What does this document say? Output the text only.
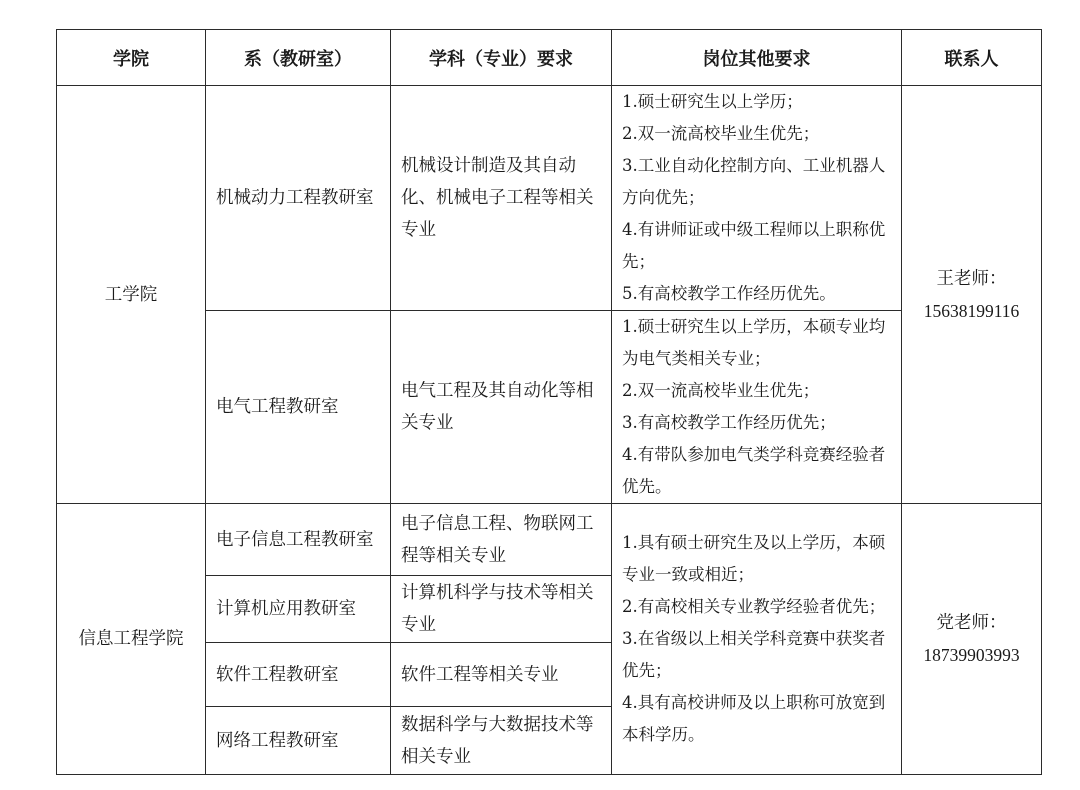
学院	系（教研室）	学科（专业）要求	岗位其他要求	联系人
工学院	机械动力工程教研室	机械设计制造及其自动化、机械电子工程等相关专业	1.硕士研究生以上学历；
2.双一流高校毕业生优先；
3.工业自动化控制方向、工业机器人方向优先；
4.有讲师证或中级工程师以上职称优先；
5.有高校教学工作经历优先。	王老师：
15638199116

	电气工程教研室	电气工程及其自动化等相关专业	1.硕士研究生以上学历，本硕专业均为电气类相关专业；
2.双一流高校毕业生优先；
3.有高校教学工作经历优先；
4.有带队参加电气类学科竞赛经验者优先。	

信息工程学院	电子信息工程教研室	电子信息工程、物联网工程等相关专业	1.具有硕士研究生及以上学历，本硕专业一致或相近；
2.有高校相关专业教学经验者优先；
3.在省级以上相关学科竞赛中获奖者优先；
4.具有高校讲师及以上职称可放宽到本科学历。	党老师：
18739903993

	计算机应用教研室	计算机科学与技术等相关专业		
	软件工程教研室	软件工程等相关专业		
	网络工程教研室	数据科学与大数据技术等相关专业		
